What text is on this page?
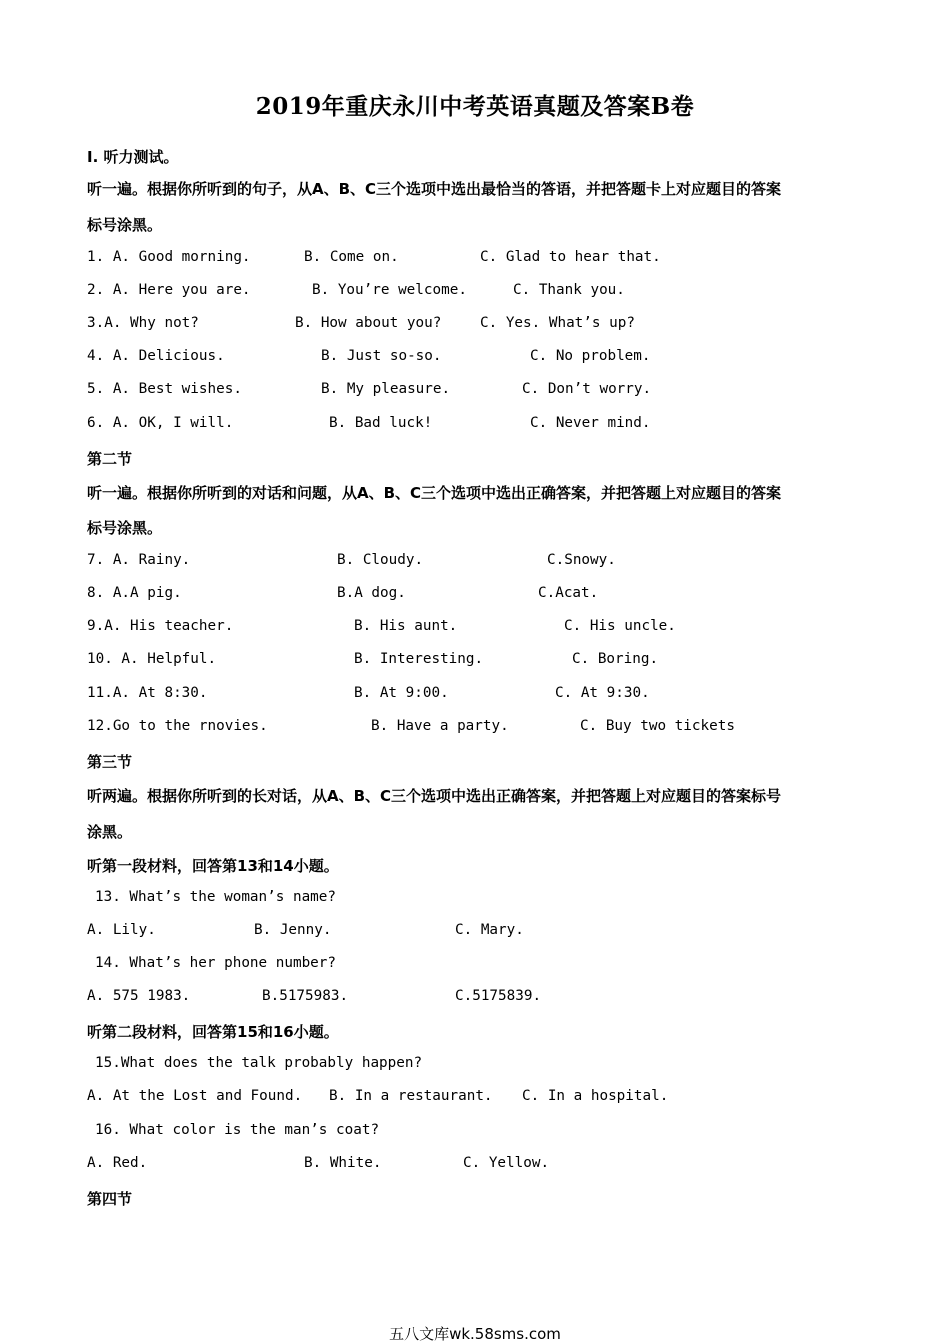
2019年重庆永川中考英语真题及答案B卷
I. 听力测试。
听一遍。根据你所听到的句子，从A、B、C三个选项中选出最恰当的答语，并把答题卡上对应题目的答案
标号涂黑。
1. A. Good morning.	B. Come on.	C. Glad to hear that.
2. A. Here you are.	B. You’re welcome.	C. Thank you.
3.A. Why not?	B. How about you?	C. Yes. What’s up?
4. A. Delicious.	B. Just so-so.	C. No problem.
5. A. Best wishes.	B. My pleasure.	C. Don’t worry.
6. A. OK, I will.	B. Bad luck!	C. Never mind.
第二节
听一遍。根据你所听到的对话和问题，从A、B、C三个选项中选出正确答案，并把答题上对应题目的答案
标号涂黑。
7. A. Rainy.	B. Cloudy.	C.Snowy.
8. A.A pig.	B.A dog.	C.Acat.
9.A. His teacher.	B. His aunt.	C. His uncle.
10. A. Helpful.	B. Interesting.	C. Boring.
11.A. At 8:30.	B. At 9:00.	C. At 9:30.
12.Go to the rnovies.	B. Have a party.	C. Buy two tickets
第三节
听两遍。根据你所听到的长对话，从A、B、C三个选项中选出正确答案，并把答题上对应题目的答案标号
涂黑。
听第一段材料，回答第13和14小题。
13. What’s the woman’s name?
A. Lily.	B. Jenny.	C. Mary.
14. What’s her phone number?
A. 575 1983.	B.5175983.	C.5175839.
听第二段材料，回答第15和16小题。
15.What does the talk probably happen?
A. At the Lost and Found. B. In a restaurant. C. In a hospital.
16. What color is the man’s coat?
A. Red.	B. White.	C. Yellow.
第四节
五八文库wk.58sms.com
